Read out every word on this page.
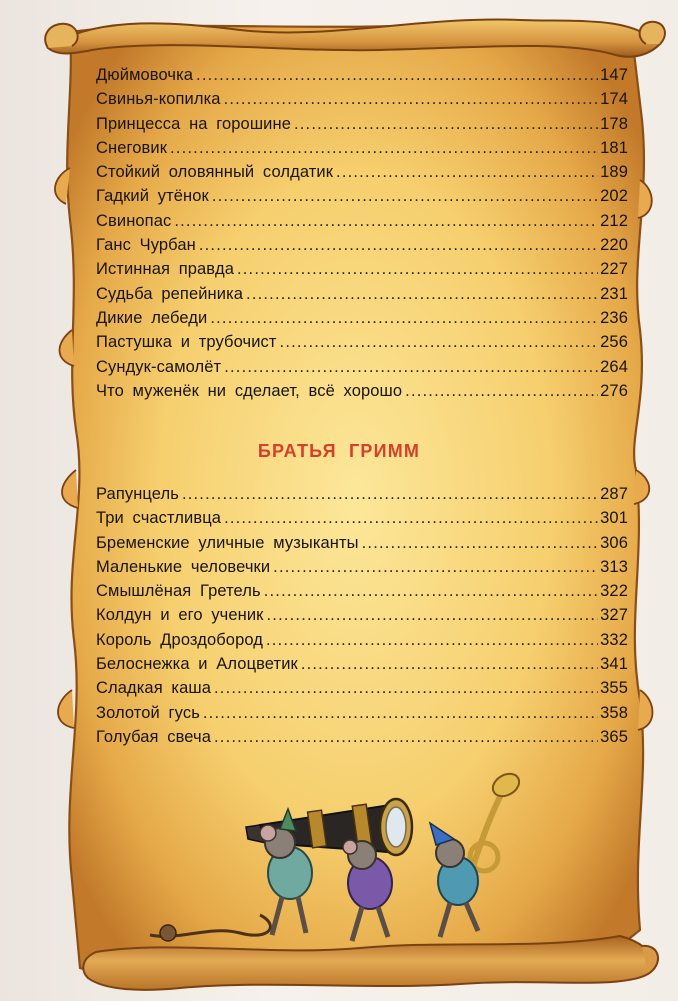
Дюймовочка .....	147
Свинья-копилка .....	174
Принцесса на горошине .....	178
Снеговик .....	181
Стойкий оловянный солдатик .....	189
Гадкий утёнок .....	202
Свинопас .....	212
Ганс Чурбан .....	220
Истинная правда .....	227
Судьба репейника .....	231
Дикие лебеди .....	236
Пастушка и трубочист .....	256
Сундук-самолёт .....	264
Что муженёк ни сделает, всё хорошо .....	276
БРАТЬЯ ГРИММ
Рапунцель .....	287
Три счастливца .....	301
Бременские уличные музыканты .....	306
Маленькие человечки .....	313
Смышлёная Гретель .....	322
Колдун и его ученик .....	327
Король Дроздобород .....	332
Белоснежка и Алоцветик .....	341
Сладкая каша .....	355
Золотой гусь .....	358
Голубая свеча .....	365
